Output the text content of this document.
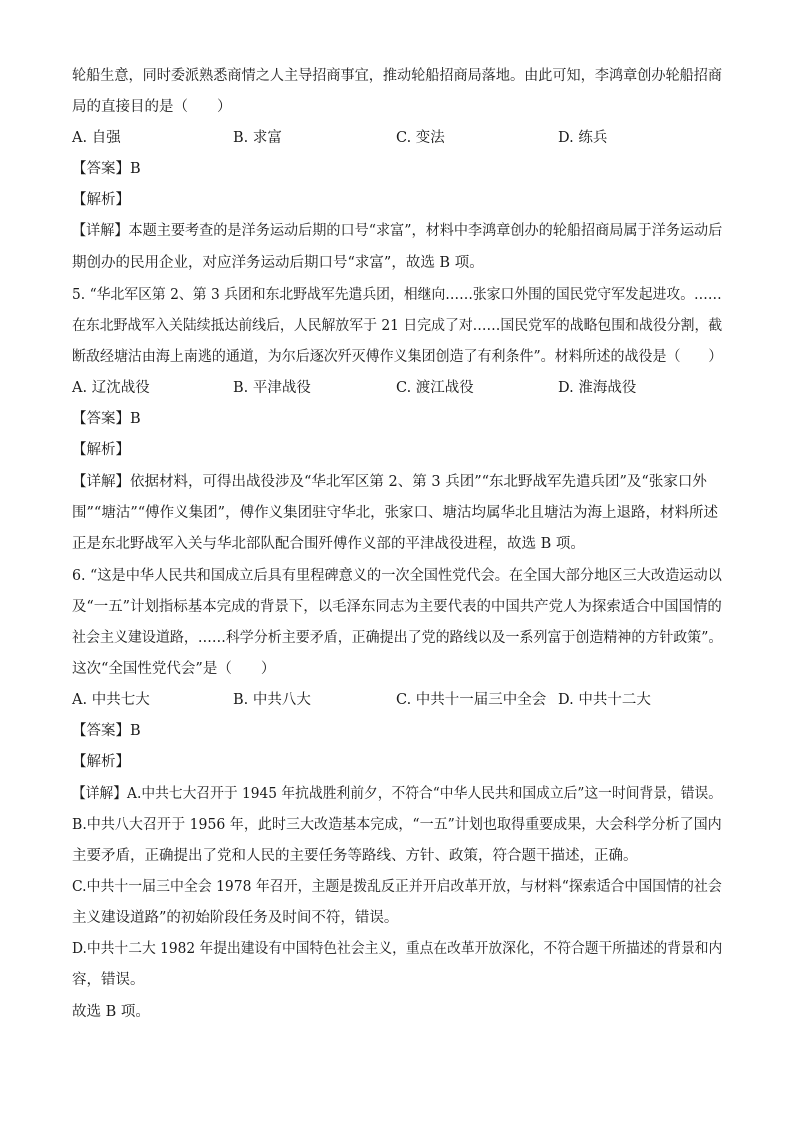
轮船生意，同时委派熟悉商情之人主导招商事宜，推动轮船招商局落地。由此可知，李鸿章创办轮船招商
局的直接目的是（　　）
A. 自强	B. 求富	C. 变法	D. 练兵
【答案】B
【解析】
【详解】本题主要考查的是洋务运动后期的口号“求富”，材料中李鸿章创办的轮船招商局属于洋务运动后
期创办的民用企业，对应洋务运动后期口号“求富”，故选 B 项。
5. “华北军区第 2、第 3 兵团和东北野战军先遣兵团，相继向……张家口外围的国民党守军发起进攻。……
在东北野战军入关陆续抵达前线后，人民解放军于 21 日完成了对……国民党军的战略包围和战役分割，截
断敌经塘沽由海上南逃的通道，为尔后逐次歼灭傅作义集团创造了有利条件”。材料所述的战役是（　　）
A. 辽沈战役	B. 平津战役	C. 渡江战役	D. 淮海战役
【答案】B
【解析】
【详解】依据材料，可得出战役涉及“华北军区第 2、第 3 兵团”“东北野战军先遣兵团”及“张家口外
围”“塘沽”“傅作义集团”，傅作义集团驻守华北，张家口、塘沽均属华北且塘沽为海上退路，材料所述
正是东北野战军入关与华北部队配合围歼傅作义部的平津战役进程，故选 B 项。
6. “这是中华人民共和国成立后具有里程碑意义的一次全国性党代会。在全国大部分地区三大改造运动以
及“一五”计划指标基本完成的背景下，以毛泽东同志为主要代表的中国共产党人为探索适合中国国情的
社会主义建设道路，……科学分析主要矛盾，正确提出了党的路线以及一系列富于创造精神的方针政策”。
这次“全国性党代会”是（　　）
A. 中共七大	B. 中共八大	C. 中共十一届三中全会 D. 中共十二大
【答案】B
【解析】
【详解】A.中共七大召开于 1945 年抗战胜利前夕，不符合“中华人民共和国成立后”这一时间背景，错误。
B.中共八大召开于 1956 年，此时三大改造基本完成，“一五”计划也取得重要成果，大会科学分析了国内
主要矛盾，正确提出了党和人民的主要任务等路线、方针、政策，符合题干描述，正确。
C.中共十一届三中全会 1978 年召开，主题是拨乱反正并开启改革开放，与材料“探索适合中国国情的社会
主义建设道路”的初始阶段任务及时间不符，错误。
D.中共十二大 1982 年提出建设有中国特色社会主义，重点在改革开放深化，不符合题干所描述的背景和内
容，错误。
故选 B 项。
